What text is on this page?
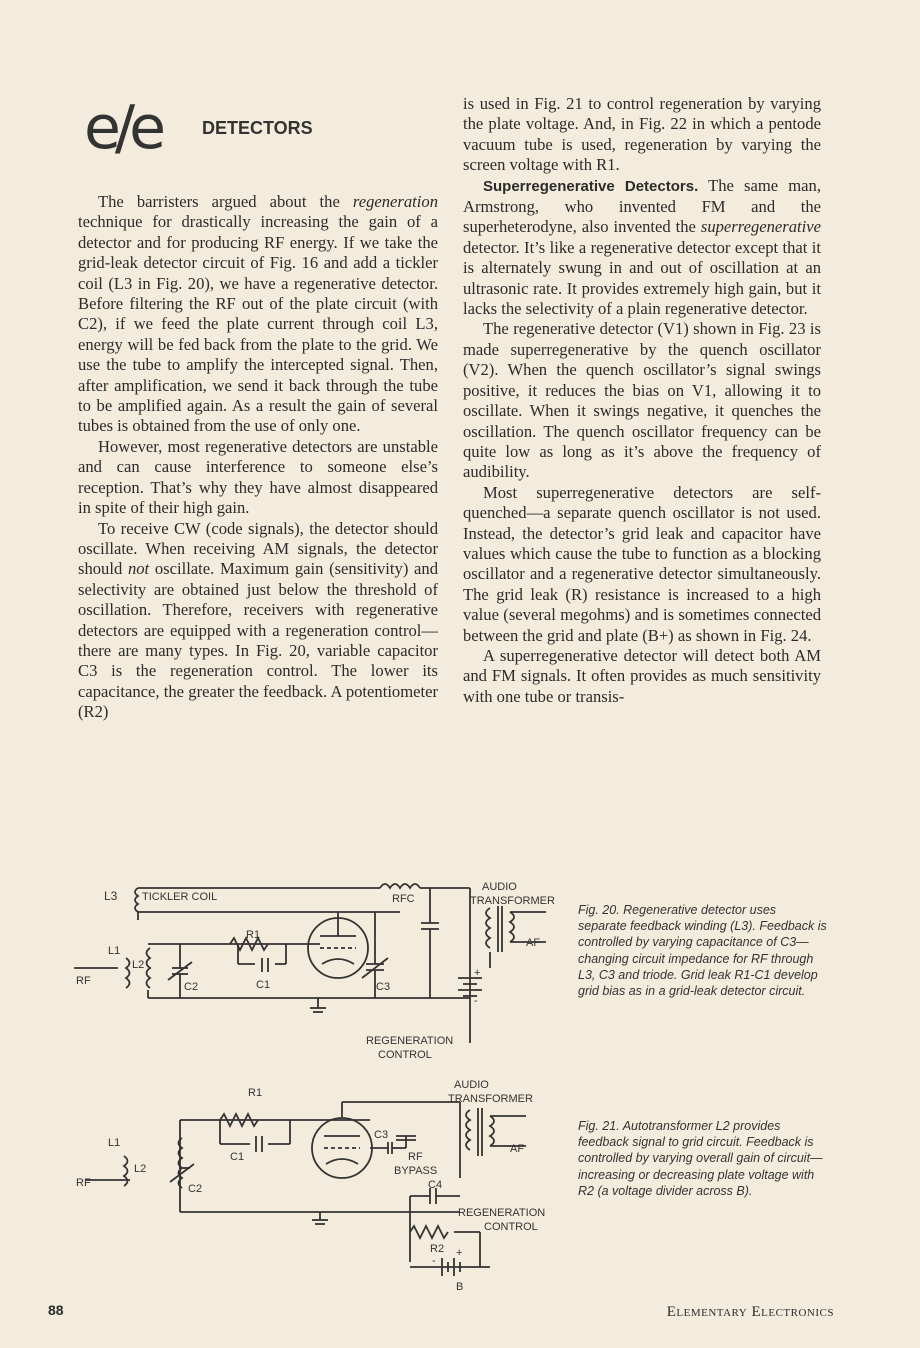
e/e DETECTORS

The barristers argued about the regeneration technique for drastically increasing the gain of a detector and for producing RF energy. If we take the grid-leak detector circuit of Fig. 16 and add a tickler coil (L3 in Fig. 20), we have a regenerative detector. Before filtering the RF out of the plate circuit (with C2), if we feed the plate current through coil L3, energy will be fed back from the plate to the grid. We use the tube to amplify the intercepted signal. Then, after amplification, we send it back through the tube to be amplified again. As a result the gain of several tubes is obtained from the use of only one.

However, most regenerative detectors are unstable and can cause interference to someone else’s reception. That’s why they have almost disappeared in spite of their high gain.

To receive CW (code signals), the detector should oscillate. When receiving AM signals, the detector should not oscillate. Maximum gain (sensitivity) and selectivity are obtained just below the threshold of oscillation. Therefore, receivers with regenerative detectors are equipped with a regeneration control—there are many types. In Fig. 20, variable capacitor C3 is the regeneration control. The lower its capacitance, the greater the feedback. A potentiometer (R2)

is used in Fig. 21 to control regeneration by varying the plate voltage. And, in Fig. 22 in which a pentode vacuum tube is used, regeneration by varying the screen voltage with R1.

Superregenerative Detectors. The same man, Armstrong, who invented FM and the superheterodyne, also invented the superregenerative detector. It’s like a regenerative detector except that it is alternately swung in and out of oscillation at an ultrasonic rate. It provides extremely high gain, but it lacks the selectivity of a plain regenerative detector.

The regenerative detector (V1) shown in Fig. 23 is made superregenerative by the quench oscillator (V2). When the quench oscillator’s signal swings positive, it reduces the bias on V1, allowing it to oscillate. When it swings negative, it quenches the oscillation. The quench oscillator frequency can be quite low as long as it’s above the frequency of audibility.

Most superregenerative detectors are self-quenched—a separate quench oscillator is not used. Instead, the detector’s grid leak and capacitor have values which cause the tube to function as a blocking oscillator and a regenerative detector simultaneously. The grid leak (R) resistance is increased to a high value (several megohms) and is sometimes connected between the grid and plate (B+) as shown in Fig. 24.

A superregenerative detector will detect both AM and FM signals. It often provides as much sensitivity with one tube or transis-

L3 TICKLER COIL	RFC
AUDIO
TRANSFORMER
AF
R1
L1
L2
RF	C1
C2	C3
+
-
REGENERATION
CONTROL
Fig. 20. Regenerative detector uses separate feedback winding (L3). Feedback is controlled by varying capacitance of C3—changing circuit impedance for RF through L3, C3 and triode. Grid leak R1-C1 develop grid bias as in a grid-leak detector circuit.
R1
AUDIO
TRANSFORMER
L1
L2
RF
C1
C2
C3
RF
BYPASS
AF
C4
REGENERATION
CONTROL
R2
-
+
B
Fig. 21. Autotransformer L2 provides feedback signal to grid circuit. Feedback is controlled by varying overall gain of circuit—increasing or decreasing plate voltage with R2 (a voltage divider across B).
88	Elementary Electronics
